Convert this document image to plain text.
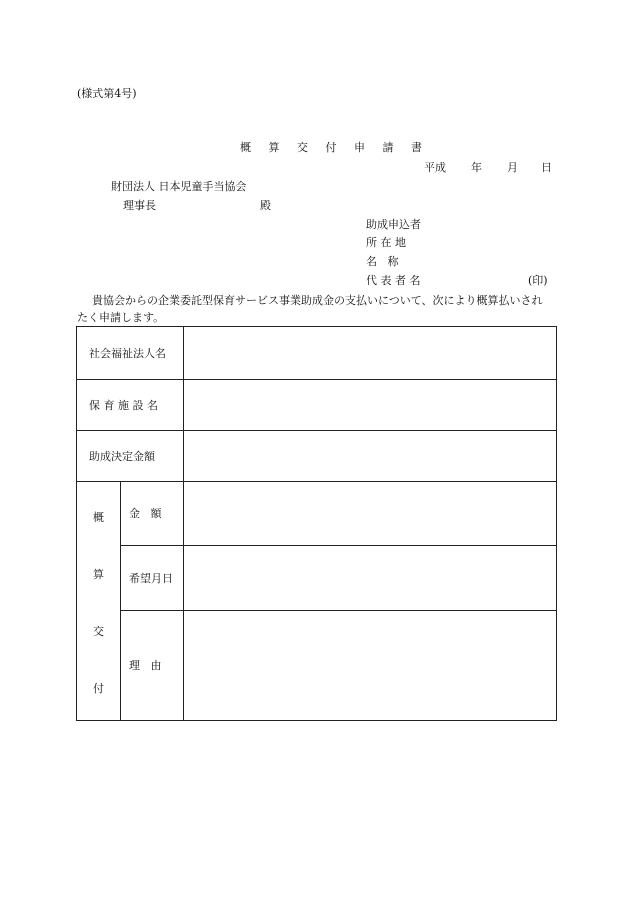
(様式第4号)
概 算 交 付 申 請 書
平成 年 月 日
財団法人 日本児童手当協会
理事長	殿
助成申込者
所 在 地
名   称
代 表 者 名	(印)
貴協会からの企業委託型保育サービス事業助成金の支払いについて、次により概算払いされたく申請します。
社会福祉法人名
保 育 施 設 名
助成決定金額
概
算
交
付
金   額
希望月日
理   由
